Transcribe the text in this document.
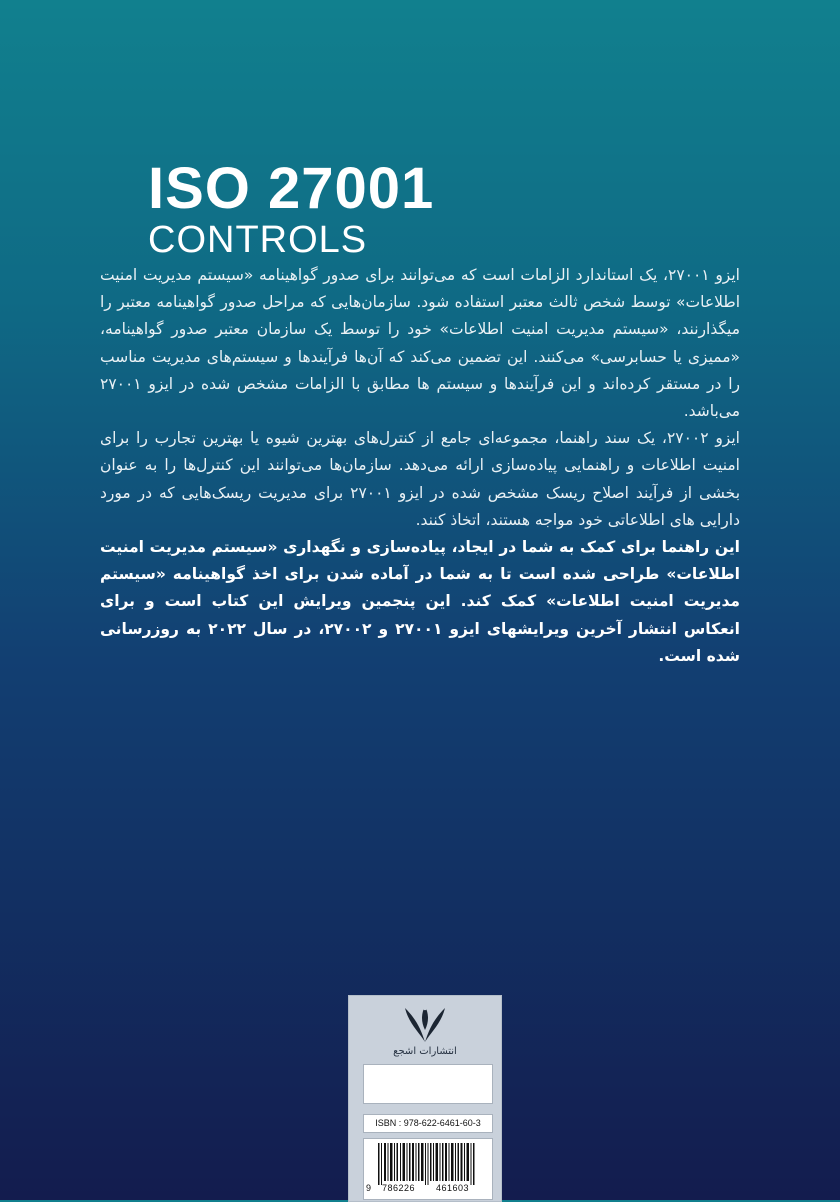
ISO 27001
CONTROLS

ایزو ۲۷۰۰۱، یک استاندارد الزامات است که می‌توانند برای صدور گواهینامه «سیستم مدیریت امنیت اطلاعات» توسط شخص ثالث معتبر استفاده شود. سازمان‌هایی که مراحل صدور گواهینامه معتبر را میگذارنند، «سیستم مدیریت امنیت اطلاعات» خود را توسط یک سازمان معتبر صدور گواهینامه، «ممیزی یا حسابرسی» می‌کنند. این تضمین می‌کند که آن‌ها فرآیندها و سیستم‌های مدیریت مناسب را در مستقر کرده‌اند و این فرآیندها و سیستم ها مطابق با الزامات مشخص شده در ایزو ۲۷۰۰۱ می‌باشد.

ایزو ۲۷۰۰۲، یک سند راهنما، مجموعه‌ای جامع از کنترل‌های بهترین شیوه یا بهترین تجارب را برای امنیت اطلاعات و راهنمایی پیاده‌سازی ارائه می‌دهد. سازمان‌ها می‌توانند این کنترل‌ها را به عنوان بخشی از فرآیند اصلاح ریسک مشخص شده در ایزو ۲۷۰۰۱ برای مدیریت ریسک‌هایی که در مورد دارایی های اطلاعاتی خود مواجه هستند، اتخاذ کنند.

این راهنما برای کمک به شما در ایجاد، پیاده‌سازی و نگهداری «سیستم مدیریت امنیت اطلاعات» طراحی شده است تا به شما در آماده شدن برای اخذ گواهینامه «سیستم مدیریت امنیت اطلاعات» کمک کند. این پنجمین ویرایش این کتاب است و برای انعکاس انتشار آخرین ویرایشهای ایزو ۲۷۰۰۱ و ۲۷۰۰۲، در سال ۲۰۲۲ به روزرسانی شده است.

انتشارات اشجع
ISBN : 978-622-6461-60-3
9 786226 461603
